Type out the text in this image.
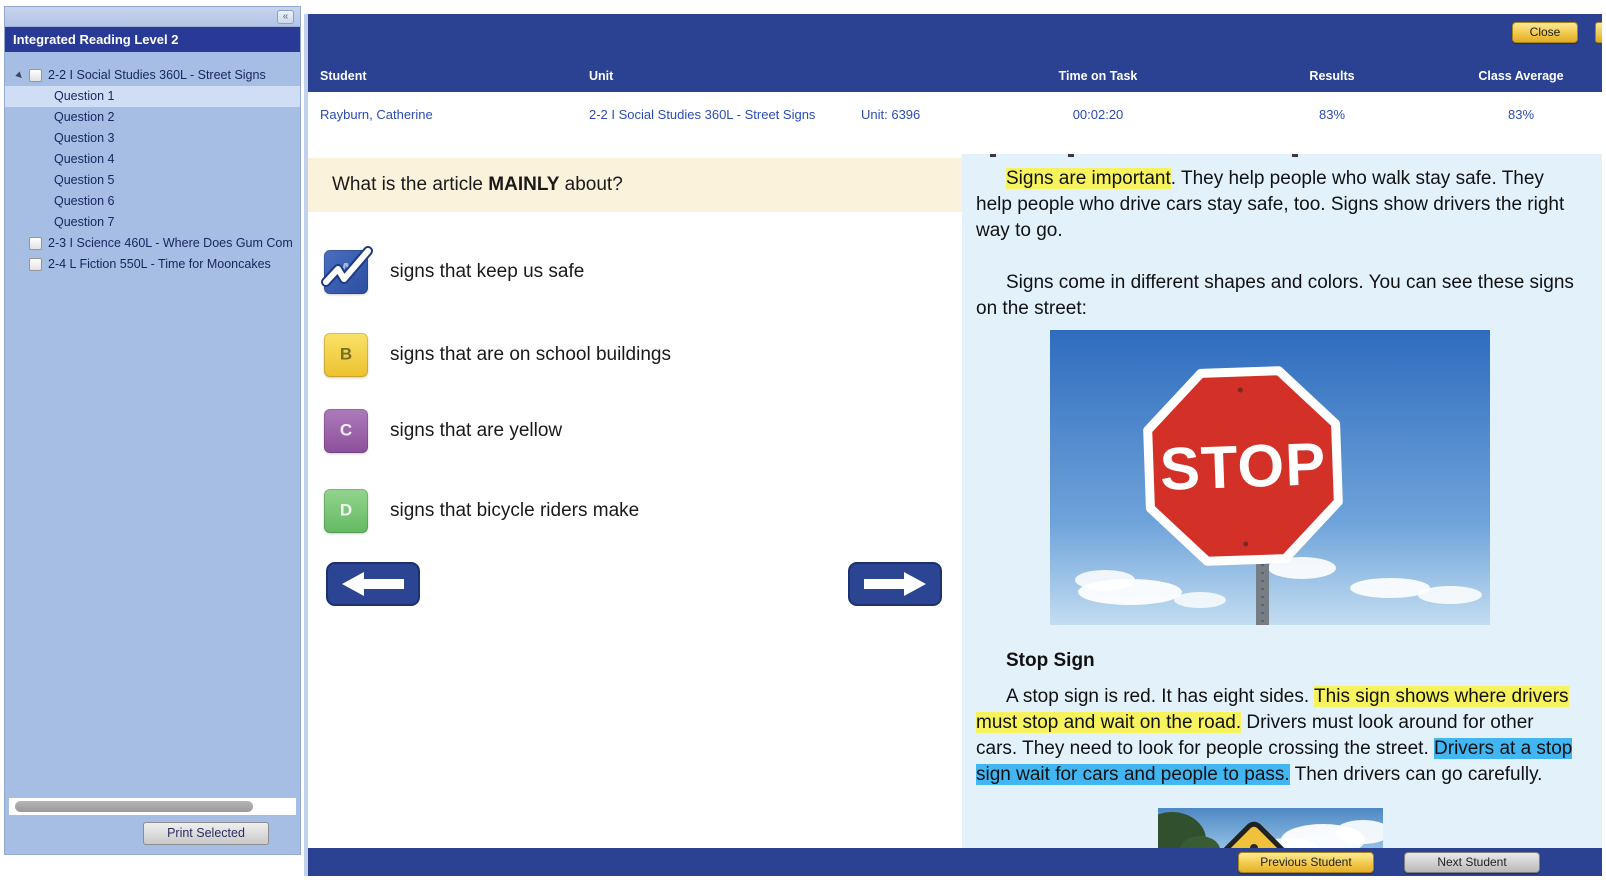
«
Integrated Reading Level 2
▶	2-2 I Social Studies 360L - Street Signs
Question 1
Question 2
Question 3
Question 4
Question 5
Question 6
Question 7
▶ 2-3 I Science 460L - Where Does Gum Com
▶ 2-4 L Fiction 550L - Time for Mooncakes
Print Selected
Student	Unit	Time on Task	Results	Class Average
Close
Rayburn, Catherine	2-2 I Social Studies 360L - Street Signs	Unit: 6396	00:02:20	83%	83%
What is the article MAINLY about?
A	signs that keep us safe
B	signs that are on school buildings
C	signs that are yellow
D	signs that bicycle riders make

Signs are important. They help people who walk stay safe. They help people who drive cars stay safe, too. Signs show drivers the right way to go.

Signs come in different shapes and colors. You can see these signs on the street:

STOP
Stop Sign

A stop sign is red. It has eight sides. This sign shows where drivers must stop and wait on the road. Drivers must look around for other cars. They need to look for people crossing the street. Drivers at a stop sign wait for cars and people to pass. Then drivers can go carefully.

Previous Student	Next Student
